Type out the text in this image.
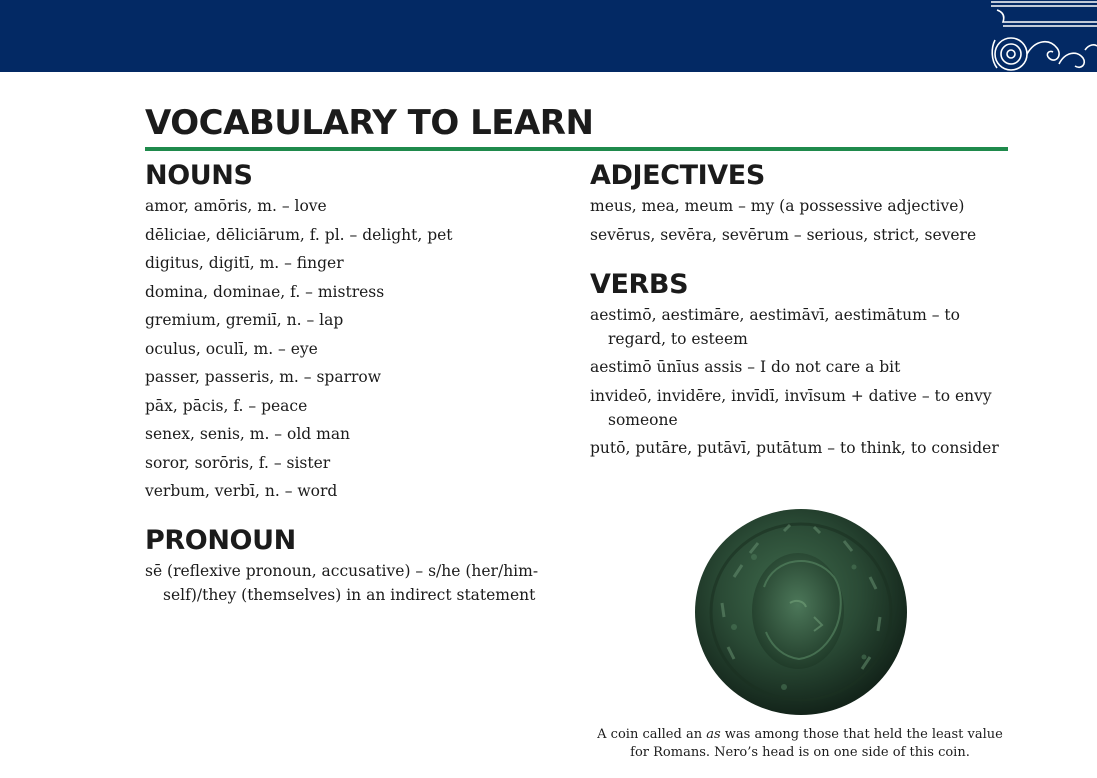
VOCABULARY TO LEARN
NOUNS
amor, amōris, m. – love
dēliciae, dēliciārum, f. pl. – delight, pet
digitus, digitī, m. – finger
domina, dominae, f. – mistress
gremium, gremiī, n. – lap
oculus, oculī, m. – eye
passer, passeris, m. – sparrow
pāx, pācis, f. – peace
senex, senis, m. – old man
soror, sorōris, f. – sister
verbum, verbī, n. – word
PRONOUN
sē (reflexive pronoun, accusative) – s/he (her/him-self)/they (themselves) in an indirect statement
ADJECTIVES
meus, mea, meum – my (a possessive adjective)
sevērus, sevēra, sevērum – serious, strict, severe
VERBS
aestimō, aestimāre, aestimāvī, aestimātum – to regard, to esteem
aestimō ūnīus assis – I do not care a bit
invideō, invidēre, invīdī, invīsum + dative – to envy someone
putō, putāre, putāvī, putātum – to think, to consider

A coin called an as was among those that held the least value for Romans. Nero’s head is on one side of this coin.
